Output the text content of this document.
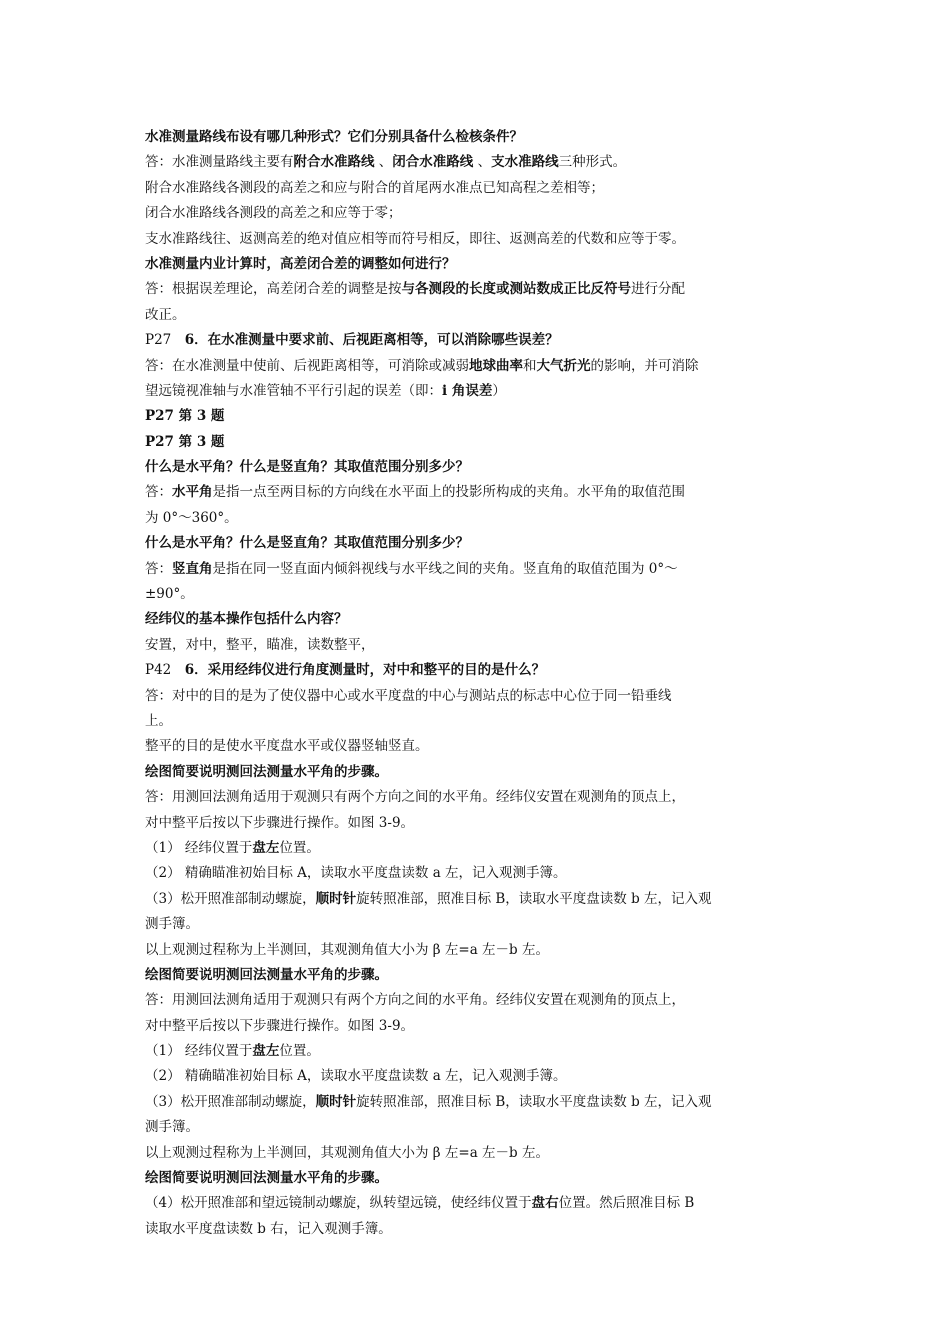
水准测量路线布设有哪几种形式？它们分别具备什么检核条件？
答：水准测量路线主要有附合水准路线 、闭合水准路线 、支水准路线三种形式。
附合水准路线各测段的高差之和应与附合的首尾两水准点已知高程之差相等；
闭合水准路线各测段的高差之和应等于零；
支水准路线往、返测高差的绝对值应相等而符号相反，即往、返测高差的代数和应等于零。
水准测量内业计算时，高差闭合差的调整如何进行？
答：根据误差理论，高差闭合差的调整是按与各测段的长度或测站数成正比反符号进行分配
改正。
P27　6．在水准测量中要求前、后视距离相等，可以消除哪些误差？
答：在水准测量中使前、后视距离相等，可消除或减弱地球曲率和大气折光的影响，并可消除
望远镜视准轴与水准管轴不平行引起的误差（即：i 角误差）
P27 第 3 题
P27 第 3 题
什么是水平角？什么是竖直角？其取值范围分别多少？
答：水平角是指一点至两目标的方向线在水平面上的投影所构成的夹角。水平角的取值范围
为 0°～360°。
什么是水平角？什么是竖直角？其取值范围分别多少？
答：竖直角是指在同一竖直面内倾斜视线与水平线之间的夹角。竖直角的取值范围为 0°～
±90°。
经纬仪的基本操作包括什么内容？
安置，对中，整平，瞄准，读数整平，
P42　6．采用经纬仪进行角度测量时，对中和整平的目的是什么？
答：对中的目的是为了使仪器中心或水平度盘的中心与测站点的标志中心位于同一铅垂线
上。
整平的目的是使水平度盘水平或仪器竖轴竖直。
绘图简要说明测回法测量水平角的步骤。
答：用测回法测角适用于观测只有两个方向之间的水平角。经纬仪安置在观测角的顶点上，
对中整平后按以下步骤进行操作。如图 3-9。
（1） 经纬仪置于盘左位置。
（2） 精确瞄准初始目标 A，读取水平度盘读数 a 左，记入观测手簿。
（3）松开照准部制动螺旋，顺时针旋转照准部，照准目标 B，读取水平度盘读数 b 左，记入观
测手簿。
以上观测过程称为上半测回，其观测角值大小为 β 左=a 左－b 左。
绘图简要说明测回法测量水平角的步骤。
答：用测回法测角适用于观测只有两个方向之间的水平角。经纬仪安置在观测角的顶点上，
对中整平后按以下步骤进行操作。如图 3-9。
（1） 经纬仪置于盘左位置。
（2） 精确瞄准初始目标 A，读取水平度盘读数 a 左，记入观测手簿。
（3）松开照准部制动螺旋，顺时针旋转照准部，照准目标 B，读取水平度盘读数 b 左，记入观
测手簿。
以上观测过程称为上半测回，其观测角值大小为 β 左=a 左－b 左。
绘图简要说明测回法测量水平角的步骤。
（4）松开照准部和望远镜制动螺旋，纵转望远镜，使经纬仪置于盘右位置。然后照准目标 B
读取水平度盘读数 b 右，记入观测手簿。
